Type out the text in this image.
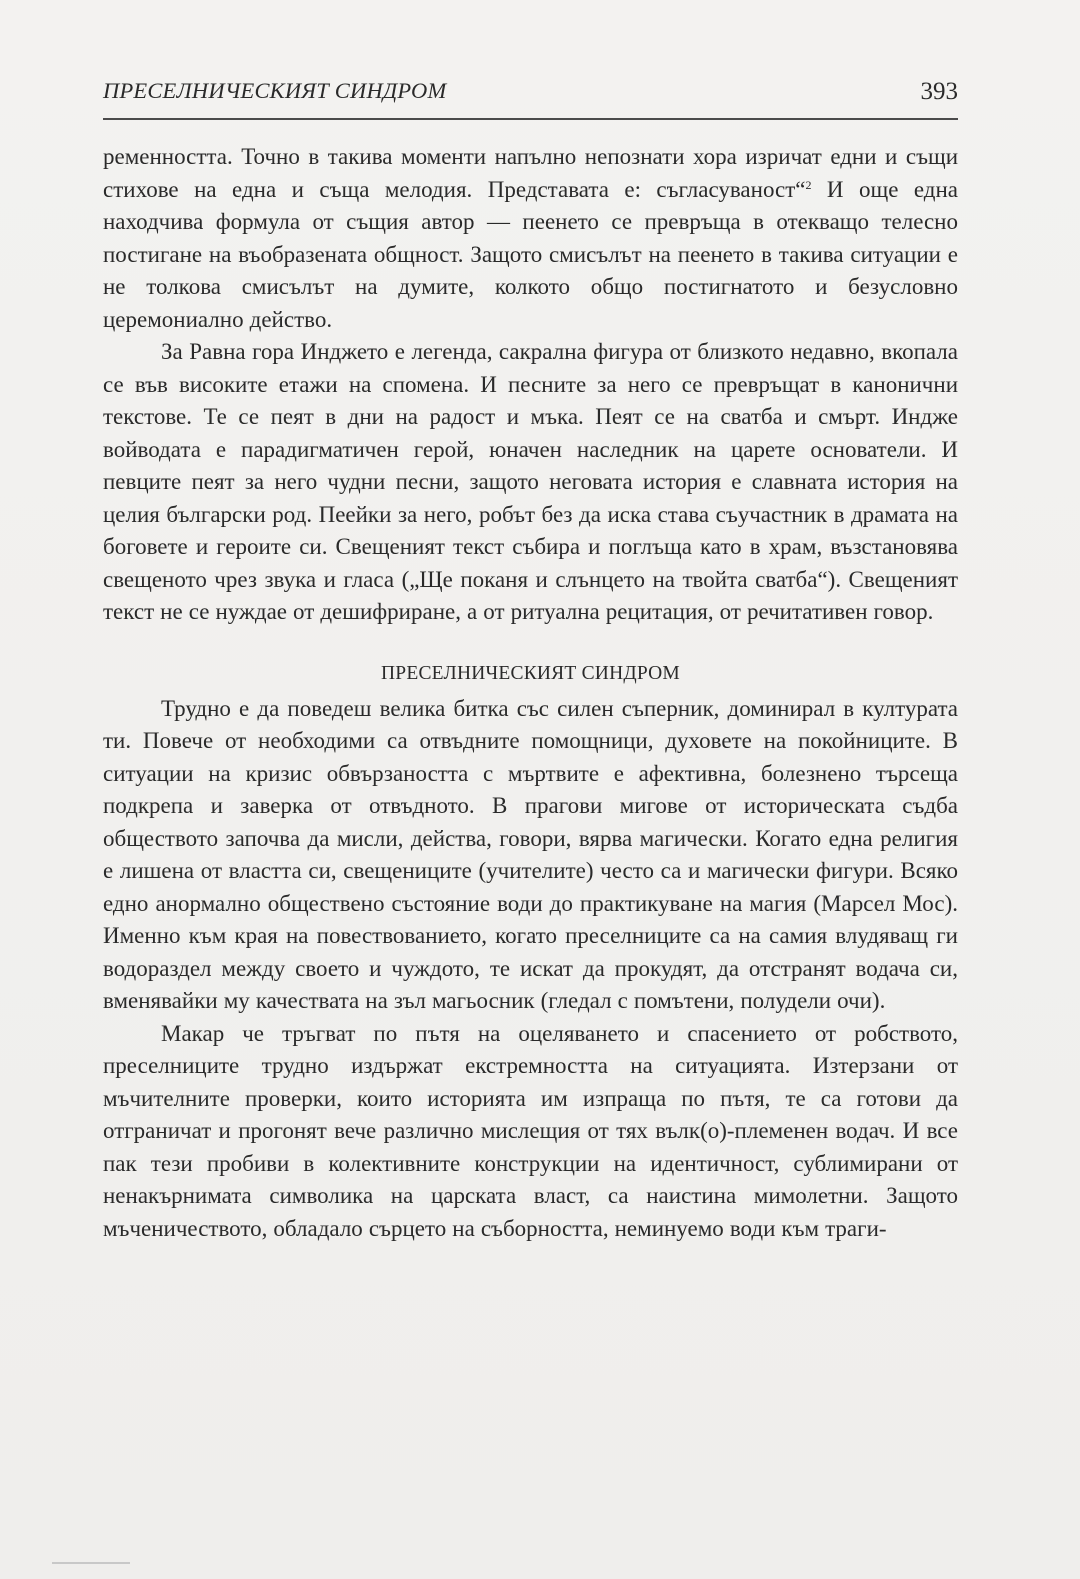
ПРЕСЕЛНИЧЕСКИЯТ СИНДРОМ	393

ременността. Точно в такива моменти напълно непознати хора изричат едни и същи стихове на една и съща мелодия. Представата е: съгласуваност“$^2$ И още една находчива формула от същия автор — пеенето се превръща в отекващо телесно постигане на въобразената общност. Защото смисълът на пеенето в такива ситуации е не толкова смисълът на думите, колкото общо постигнатото и безусловно церемониално действо.

За Равна гора Инджето е легенда, сакрална фигура от близкото недавно, вкопала се във високите етажи на спомена. И песните за него се превръщат в канонични текстове. Те се пеят в дни на радост и мъка. Пеят се на сватба и смърт. Индже войводата е парадигматичен герой, юначен наследник на царете основатели. И певците пеят за него чудни песни, защото неговата история е славната история на целия български род. Пеейки за него, робът без да иска става съучастник в драмата на боговете и героите си. Свещеният текст събира и поглъща като в храм, възстановява свещеното чрез звука и гласа („Ще поканя и слънцето на твойта сватба“). Свещеният текст не се нуждае от дешифриране, а от ритуална рецитация, от речитативен говор.

ПРЕСЕЛНИЧЕСКИЯТ СИНДРОМ

Трудно е да поведеш велика битка със силен съперник, доминирал в културата ти. Повече от необходими са отвъдните помощници, духовете на покойниците. В ситуации на кризис обвързаността с мъртвите е афективна, болезнено търсеща подкрепа и заверка от отвъдното. В прагови мигове от историческата съдба обществото започва да мисли, действа, говори, вярва магически. Когато една религия е лишена от властта си, свещениците (учителите) често са и магически фигури. Всяко едно анормално обществено състояние води до практикуване на магия (Марсел Мос). Именно към края на повествованието, когато преселниците са на самия влудяващ ги водораздел между своето и чуждото, те искат да прокудят, да отстранят водача си, вменявайки му качествата на зъл магьосник (гледал с помътени, полудели очи).

Макар че тръгват по пътя на оцеляването и спасението от робството, преселниците трудно издържат екстремността на ситуацията. Изтерзани от мъчителните проверки, които историята им изпраща по пътя, те са готови да отграничат и прогонят вече различно мислещия от тях вълк(о)-племенен водач. И все пак тези пробиви в колективните конструкции на идентичност, сублимирани от ненакърнимата символика на царската власт, са наистина мимолетни. Защото мъченичеството, обладало сърцето на съборността, неминуемо води към траги-
